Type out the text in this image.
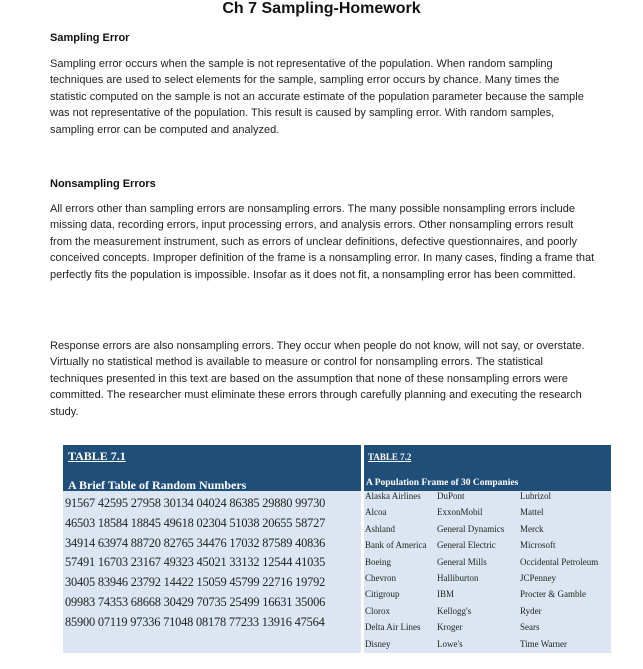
Ch 7 Sampling-Homework
Sampling Error
Sampling error occurs when the sample is not representative of the population. When random sampling techniques are used to select elements for the sample, sampling error occurs by chance. Many times the statistic computed on the sample is not an accurate estimate of the population parameter because the sample was not representative of the population. This result is caused by sampling error. With random samples, sampling error can be computed and analyzed.
Nonsampling Errors
All errors other than sampling errors are nonsampling errors. The many possible nonsampling errors include missing data, recording errors, input processing errors, and analysis errors. Other nonsampling errors result from the measurement instrument, such as errors of unclear definitions, defective questionnaires, and poorly conceived concepts. Improper definition of the frame is a nonsampling error. In many cases, finding a frame that perfectly fits the population is impossible. Insofar as it does not fit, a nonsampling error has been committed.
Response errors are also nonsampling errors. They occur when people do not know, will not say, or overstate. Virtually no statistical method is available to measure or control for nonsampling errors. The statistical techniques presented in this text are based on the assumption that none of these nonsampling errors were committed. The researcher must eliminate these errors through carefully planning and executing the research study.
TABLE 7.1
A Brief Table of Random Numbers
91567 42595 27958 30134 04024 86385 29880 99730
46503 18584 18845 49618 02304 51038 20655 58727
34914 63974 88720 82765 34476 17032 87589 40836
57491 16703 23167 49323 45021 33132 12544 41035
30405 83946 23792 14422 15059 45799 22716 19792
09983 74353 68668 30429 70735 25499 16631 35006
85900 07119 97336 71048 08178 77233 13916 47564
TABLE 7.2
A Population Frame of 30 Companies
Alaska Airlines	DuPont	Lubrizol
Alcoa	ExxonMobil	Mattel
Ashland	General Dynamics	Merck
Bank of America	General Electric	Microsoft
Boeing	General Mills	Occidental Petroleum
Chevron	Halliburton	JCPenney
Citigroup	IBM	Procter & Gamble
Clorox	Kellogg's	Ryder
Delta Air Lines	Kroger	Sears
Disney	Lowe's	Time Warner
